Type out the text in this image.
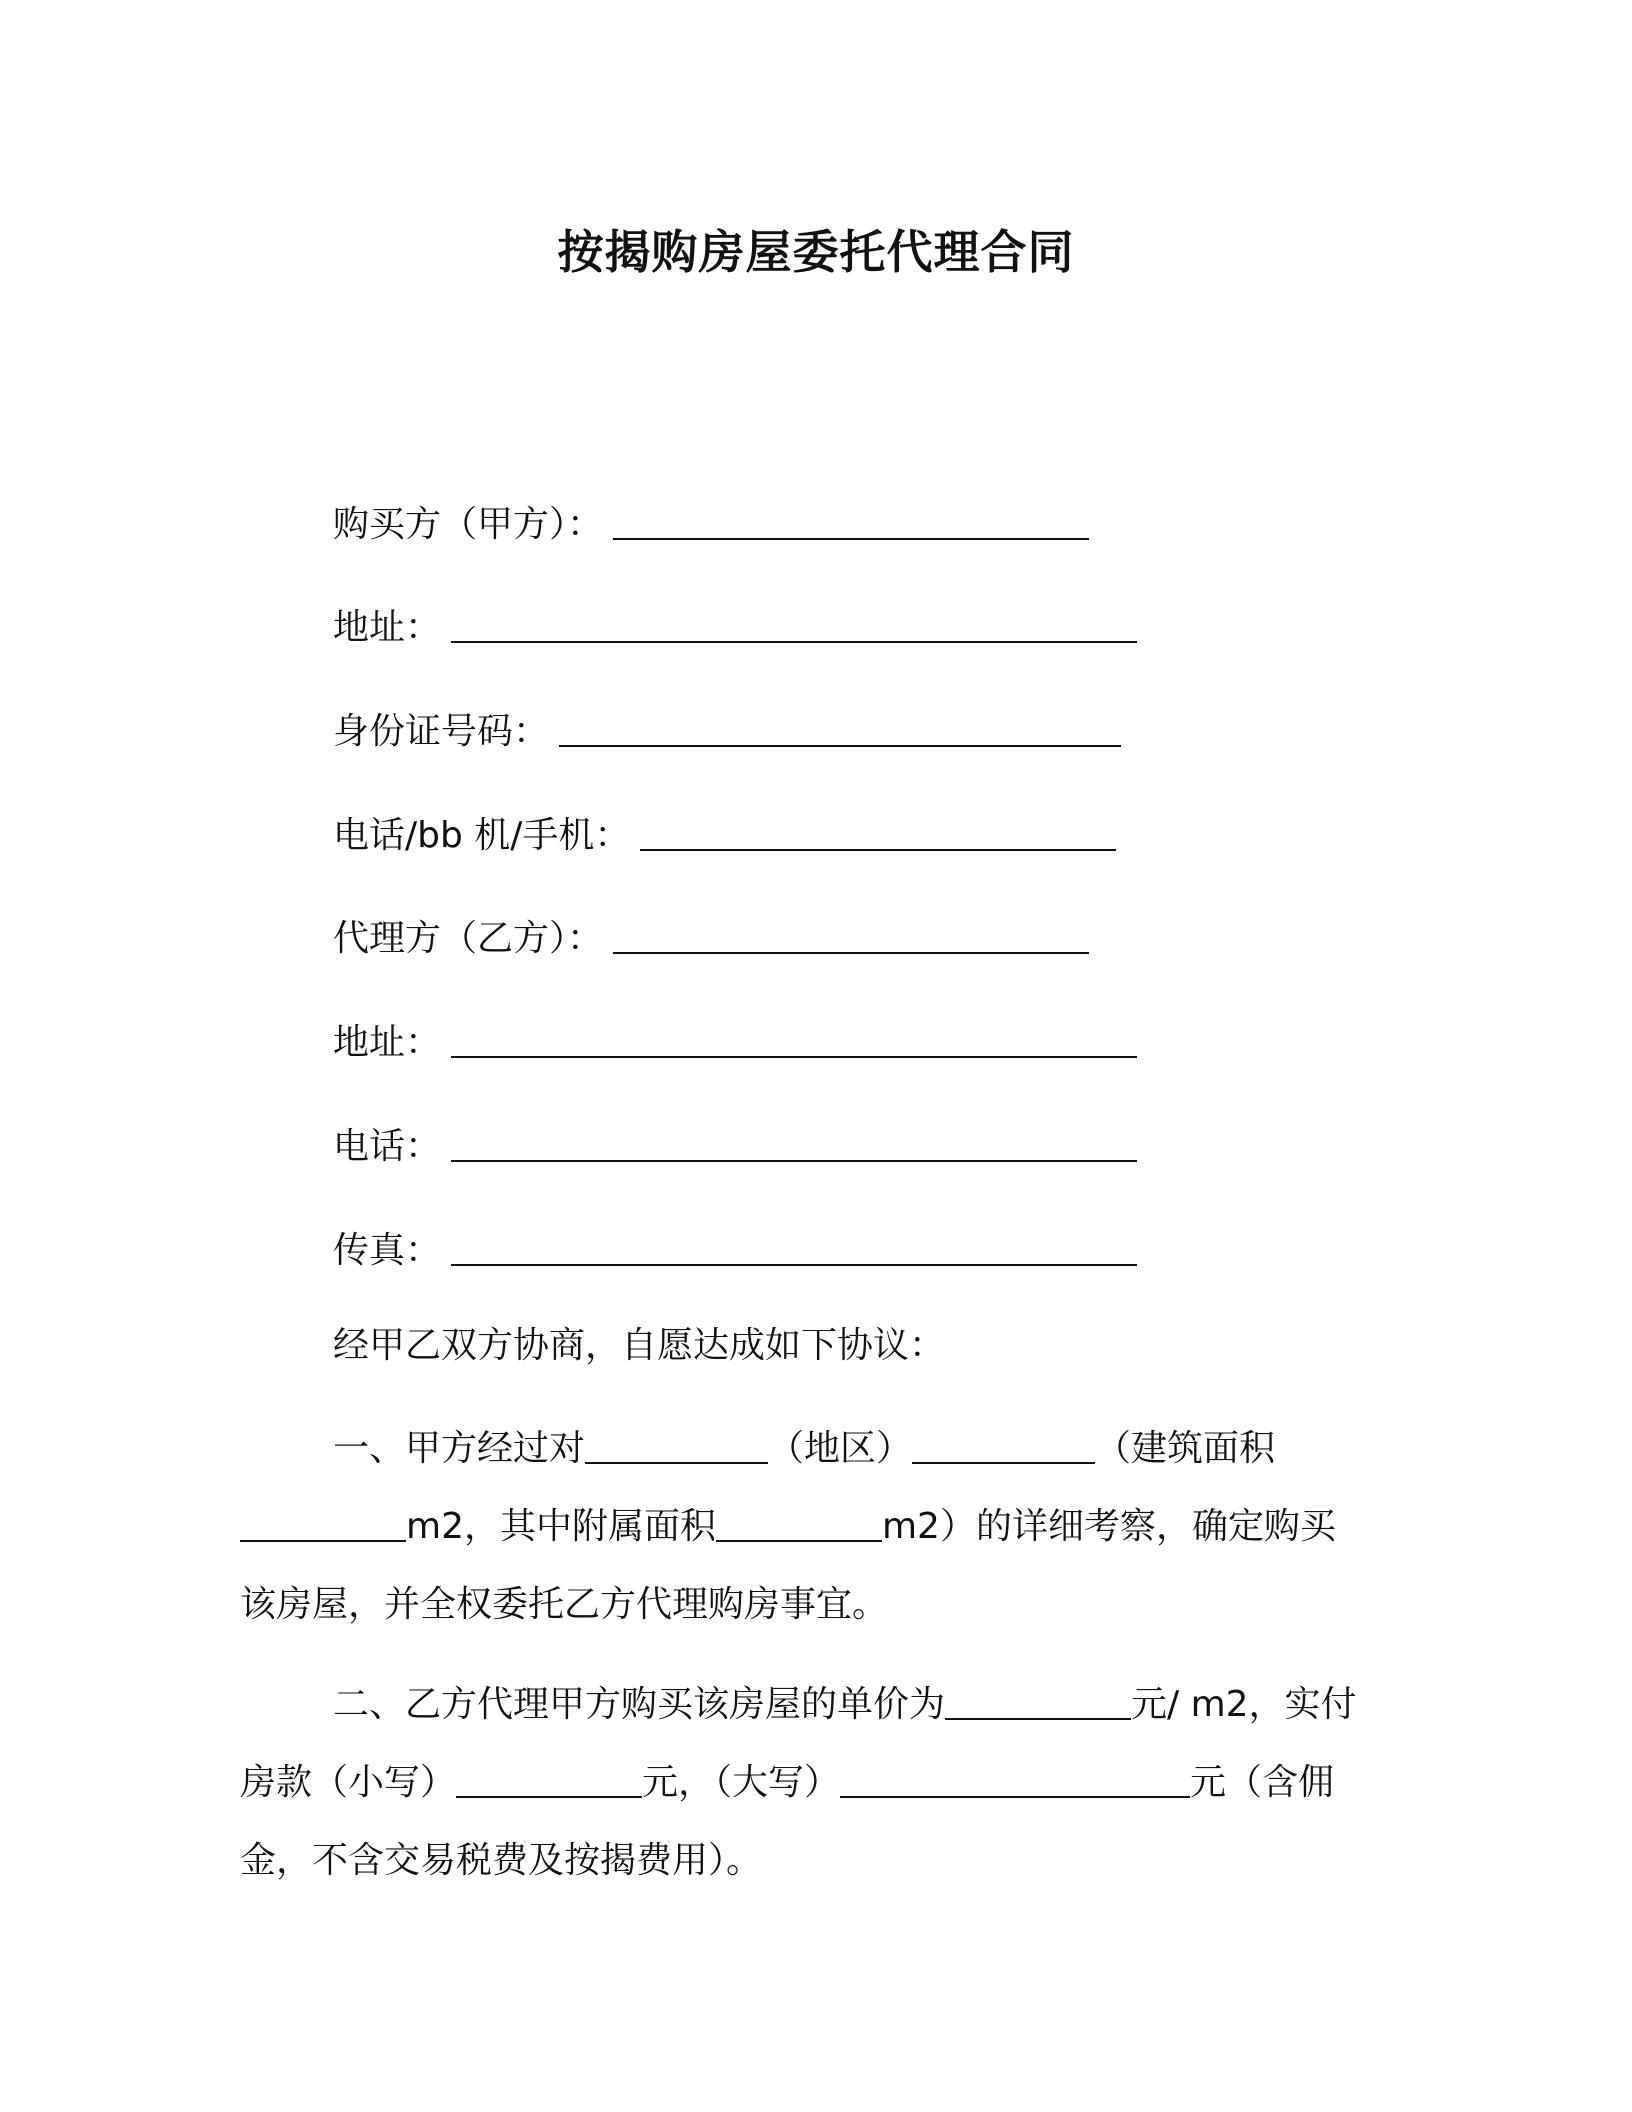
按揭购房屋委托代理合同
购买方（甲方）：
地址：
身份证号码：
电话/bb 机/手机：
代理方（乙方）：
地址：
电话：
传真：
经甲乙双方协商，自愿达成如下协议：
一、甲方经过对	（地区）	（建筑面积
m2，其中附属面积	m2）的详细考察，确定购买
该房屋，并全权委托乙方代理购房事宜。
二、乙方代理甲方购买该房屋的单价为	元/ m2，实付
房款（小写）	元，（大写）	元（含佣
金，不含交易税费及按揭费用）。
